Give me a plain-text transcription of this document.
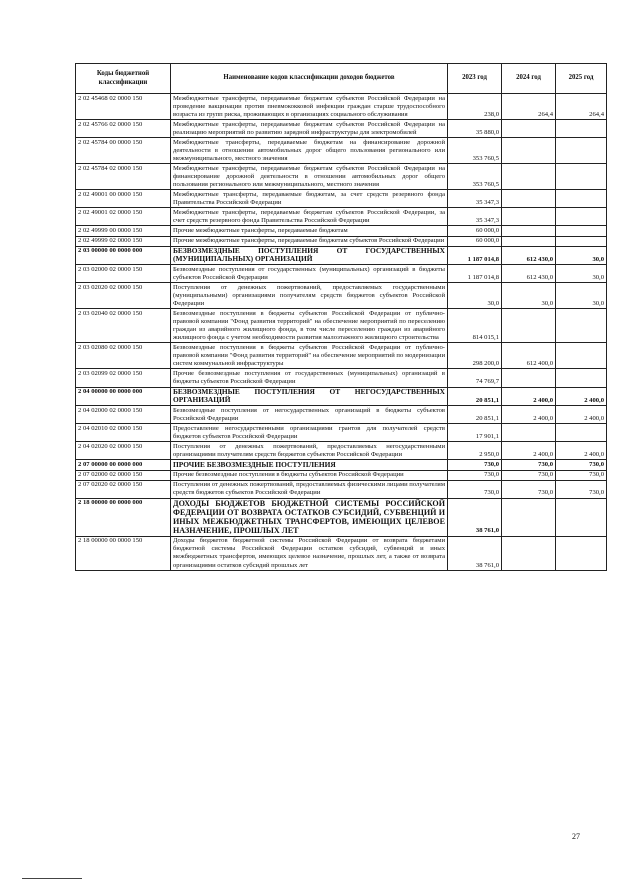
Коды бюджетной классификации	Наименование кодов классификации доходов бюджетов	2023 год	2024 год	2025 год
2 02 45468 02 0000 150	Межбюджетные трансферты, передаваемые бюджетам субъектов Российской Федерации на проведение вакцинации против пневмококковой инфекции граждан старше трудоспособного возраста из групп риска, проживающих в организациях социального обслуживания	238,0	264,4	264,4
2 02 45766 02 0000 150	Межбюджетные трансферты, передаваемые бюджетам субъектов Российской Федерации на реализацию мероприятий по развитию зарядной инфраструктуры для электромобилей	35 880,0		
2 02 45784 00 0000 150	Межбюджетные трансферты, передаваемые бюджетам на финансирование дорожной деятельности в отношении автомобильных дорог общего пользования регионального или межмуниципального, местного значения	353 760,5		
2 02 45784 02 0000 150	Межбюджетные трансферты, передаваемые бюджетам субъектов Российской Федерации на финансирование дорожной деятельности в отношении автомобильных дорог общего пользования регионального или межмуниципального, местного значения	353 760,5		
2 02 49001 00 0000 150	Межбюджетные трансферты, передаваемые бюджетам, за счет средств резервного фонда Правительства Российской Федерации	35 347,3		
2 02 49001 02 0000 150	Межбюджетные трансферты, передаваемые бюджетам субъектов Российской Федерации, за счет средств резервного фонда Правительства Российской Федерации	35 347,3		
2 02 49999 00 0000 150	Прочие межбюджетные трансферты, передаваемые бюджетам	60 000,0		
2 02 49999 02 0000 150	Прочие межбюджетные трансферты, передаваемые бюджетам субъектов Российской Федерации	60 000,0		
2 03 00000 00 0000 000	БЕЗВОЗМЕЗДНЫЕ ПОСТУПЛЕНИЯ ОТ ГОСУДАРСТВЕННЫХ (МУНИЦИПАЛЬНЫХ) ОРГАНИЗАЦИЙ	1 187 014,8	612 430,0	30,0
2 03 02000 02 0000 150	Безвозмездные поступления от государственных (муниципальных) организаций в бюджеты субъектов Российской Федерации	1 187 014,8	612 430,0	30,0
2 03 02020 02 0000 150	Поступления от денежных пожертвований, предоставляемых государственными (муниципальными) организациями получателям средств бюджетов субъектов Российской Федерации	30,0	30,0	30,0
2 03 02040 02 0000 150	Безвозмездные поступления в бюджеты субъектов Российской Федерации от публично-правовой компании "Фонд развития территорий" на обеспечение мероприятий по переселению граждан из аварийного жилищного фонда, в том числе переселению граждан из аварийного жилищного фонда с учетом необходимости развития малоэтажного жилищного строительства	814 015,1		
2 03 02080 02 0000 150	Безвозмездные поступления в бюджеты субъектов Российской Федерации от публично-правовой компании "Фонд развития территорий" на обеспечение мероприятий по модернизации систем коммунальной инфраструктуры	298 200,0	612 400,0	
2 03 02099 02 0000 150	Прочие безвозмездные поступления от государственных (муниципальных) организаций в бюджеты субъектов Российской Федерации	74 769,7		
2 04 00000 00 0000 000	БЕЗВОЗМЕЗДНЫЕ ПОСТУПЛЕНИЯ ОТ НЕГОСУДАРСТВЕННЫХ ОРГАНИЗАЦИЙ	20 851,1	2 400,0	2 400,0
2 04 02000 02 0000 150	Безвозмездные поступления от негосударственных организаций в бюджеты субъектов Российской Федерации	20 851,1	2 400,0	2 400,0
2 04 02010 02 0000 150	Предоставление негосударственными организациями грантов для получателей средств бюджетов субъектов Российской Федерации	17 901,1		
2 04 02020 02 0000 150	Поступления от денежных пожертвований, предоставляемых негосударственными организациями получателям средств бюджетов субъектов Российской Федерации	2 950,0	2 400,0	2 400,0
2 07 00000 00 0000 000	ПРОЧИЕ БЕЗВОЗМЕЗДНЫЕ ПОСТУПЛЕНИЯ	730,0	730,0	730,0
2 07 02000 02 0000 150	Прочие безвозмездные поступления в бюджеты субъектов Российской Федерации	730,0	730,0	730,0
2 07 02020 02 0000 150	Поступления от денежных пожертвований, предоставляемых физическими лицами получателям средств бюджетов субъектов Российской Федерации	730,0	730,0	730,0
2 18 00000 00 0000 000	ДОХОДЫ БЮДЖЕТОВ БЮДЖЕТНОЙ СИСТЕМЫ РОССИЙСКОЙ ФЕДЕРАЦИИ ОТ ВОЗВРАТА ОСТАТКОВ СУБСИДИЙ, СУБВЕНЦИЙ И ИНЫХ МЕЖБЮДЖЕТНЫХ ТРАНСФЕРТОВ, ИМЕЮЩИХ ЦЕЛЕВОЕ НАЗНАЧЕНИЕ, ПРОШЛЫХ ЛЕТ	38 761,0		
2 18 00000 00 0000 150	Доходы бюджетов бюджетной системы Российской Федерации от возврата бюджетами бюджетной системы Российской Федерации остатков субсидий, субвенций и иных межбюджетных трансфертов, имеющих целевое назначение, прошлых лет, а также от возврата организациями остатков субсидий прошлых лет	38 761,0		
27
